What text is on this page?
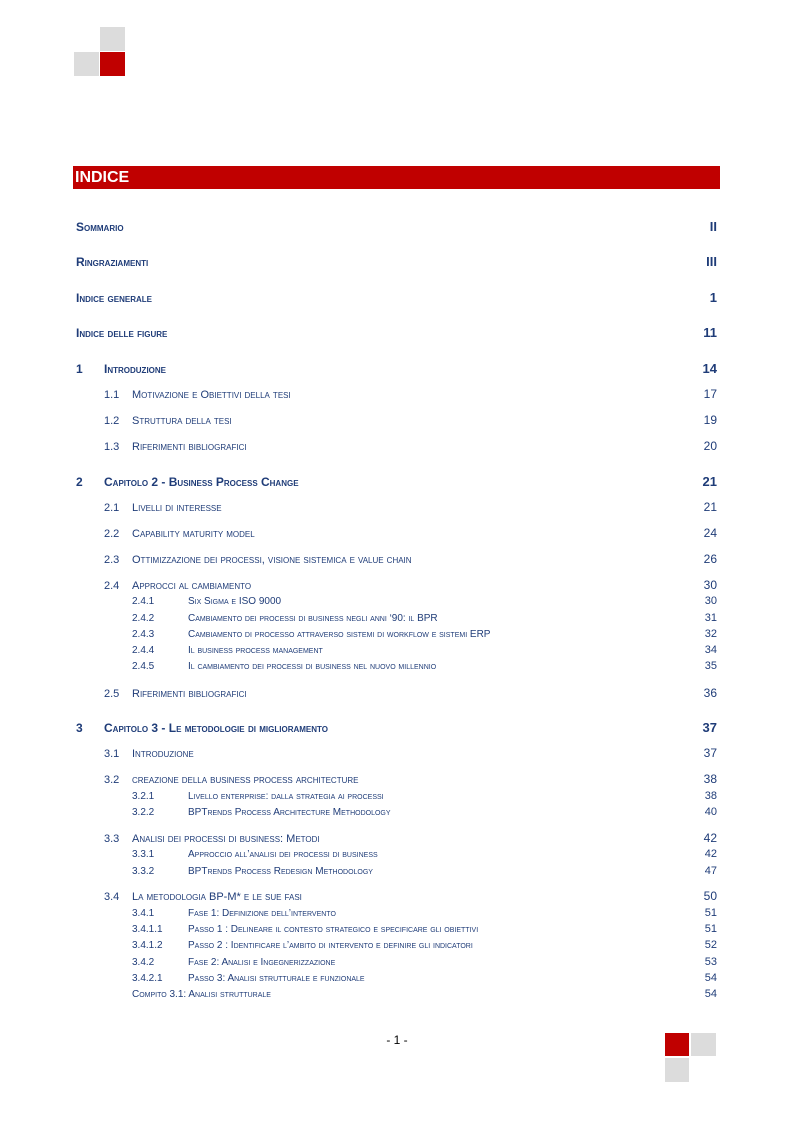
INDICE
Sommario	II
Ringraziamenti	III
Indice generale	1
Indice delle figure	11
1	Introduzione	14
1.1	Motivazione e Obiettivi della tesi	17
1.2	Struttura della tesi	19
1.3	Riferimenti bibliografici	20
2	Capitolo 2 - Business Process Change	21
2.1	Livelli di interesse	21
2.2	Capability maturity model	24
2.3	Ottimizzazione dei processi, visione sistemica e value chain	26
2.4	Approcci al cambiamento	30
2.4.1	Six Sigma e ISO 9000	30
2.4.2	Cambiamento dei processi di business negli anni ‘90: il BPR	31
2.4.3	Cambiamento di processo attraverso sistemi di workflow e sistemi ERP	32
2.4.4	Il business process management	34
2.4.5	Il cambiamento dei processi di business nel nuovo millennio	35
2.5	Riferimenti bibliografici	36
3	Capitolo 3 - Le metodologie di miglioramento	37
3.1	Introduzione	37
3.2	creazione della business process architecture	38
3.2.1	Livello enterprise: dalla strategia ai processi	38
3.2.2	BPTrends Process Architecture Methodology	40
3.3	Analisi dei processi di business: Metodi	42
3.3.1	Approccio all’analisi dei processi di business	42
3.3.2	BPTrends Process Redesign Methodology	47
3.4	La metodologia BP-M* e le sue fasi	50
3.4.1	Fase 1: Definizione dell’intervento	51
3.4.1.1	Passo 1 : Delineare il contesto strategico e specificare gli obiettivi	51
3.4.1.2	Passo 2 : Identificare l’ambito di intervento e definire gli indicatori	52
3.4.2	Fase 2: Analisi e Ingegnerizzazione	53
3.4.2.1	Passo 3: Analisi strutturale e funzionale	54
Compito 3.1: Analisi strutturale	54
- 1 -
